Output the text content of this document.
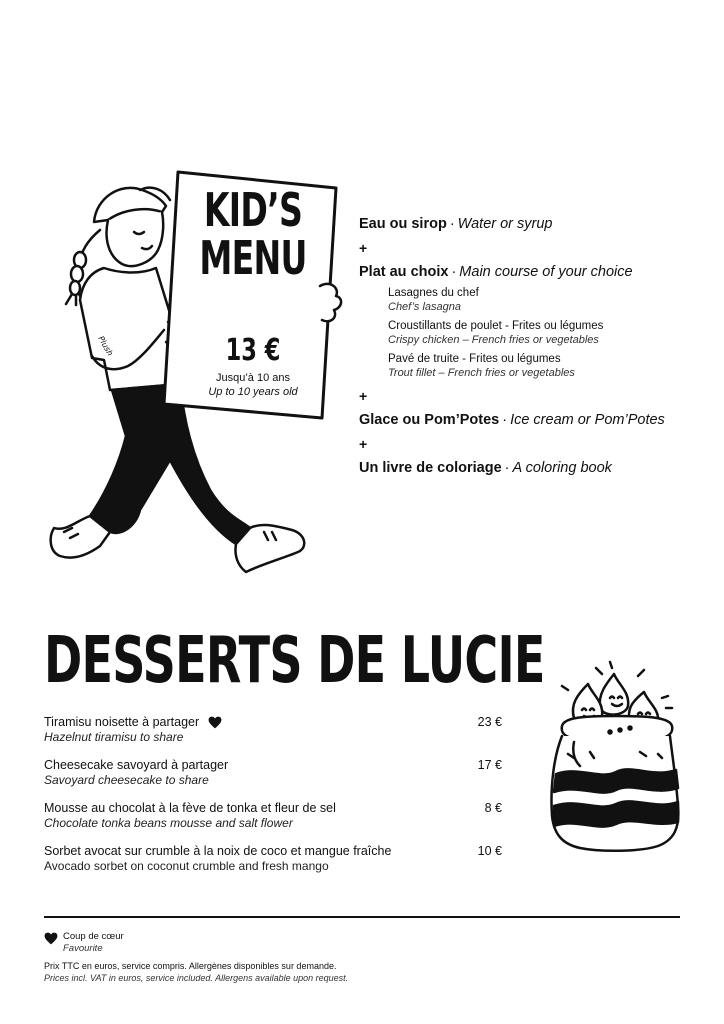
Plush
KID’S
MENU
13 €
Jusqu’à 10 ans
Up to 10 years old
Eau ou sirop · Water or syrup
+
Plat au choix · Main course of your choice
Lasagnes du chef
Chef’s lasagna
Croustillants de poulet - Frites ou légumes
Crispy chicken – French fries or vegetables
Pavé de truite - Frites ou légumes
Trout fillet – French fries or vegetables
+
Glace ou Pom’Potes · Ice cream or Pom’Potes
+
Un livre de coloriage · A coloring book
DESSERTS DE LUCIE
Tiramisu noisette à partager
Hazelnut tiramisu to share
23 €
Cheesecake savoyard à partager
Savoyard cheesecake to share
17 €
Mousse au chocolat à la fève de tonka et fleur de sel
Chocolate tonka beans mousse and salt flower
8 €
Sorbet avocat sur crumble à la noix de coco et mangue fraîche
Avocado sorbet on coconut crumble and fresh mango
10 €
Coup de cœur
Favourite
Prix TTC en euros, service compris. Allergènes disponibles sur demande.
Prices incl. VAT in euros, service included. Allergens available upon request.
